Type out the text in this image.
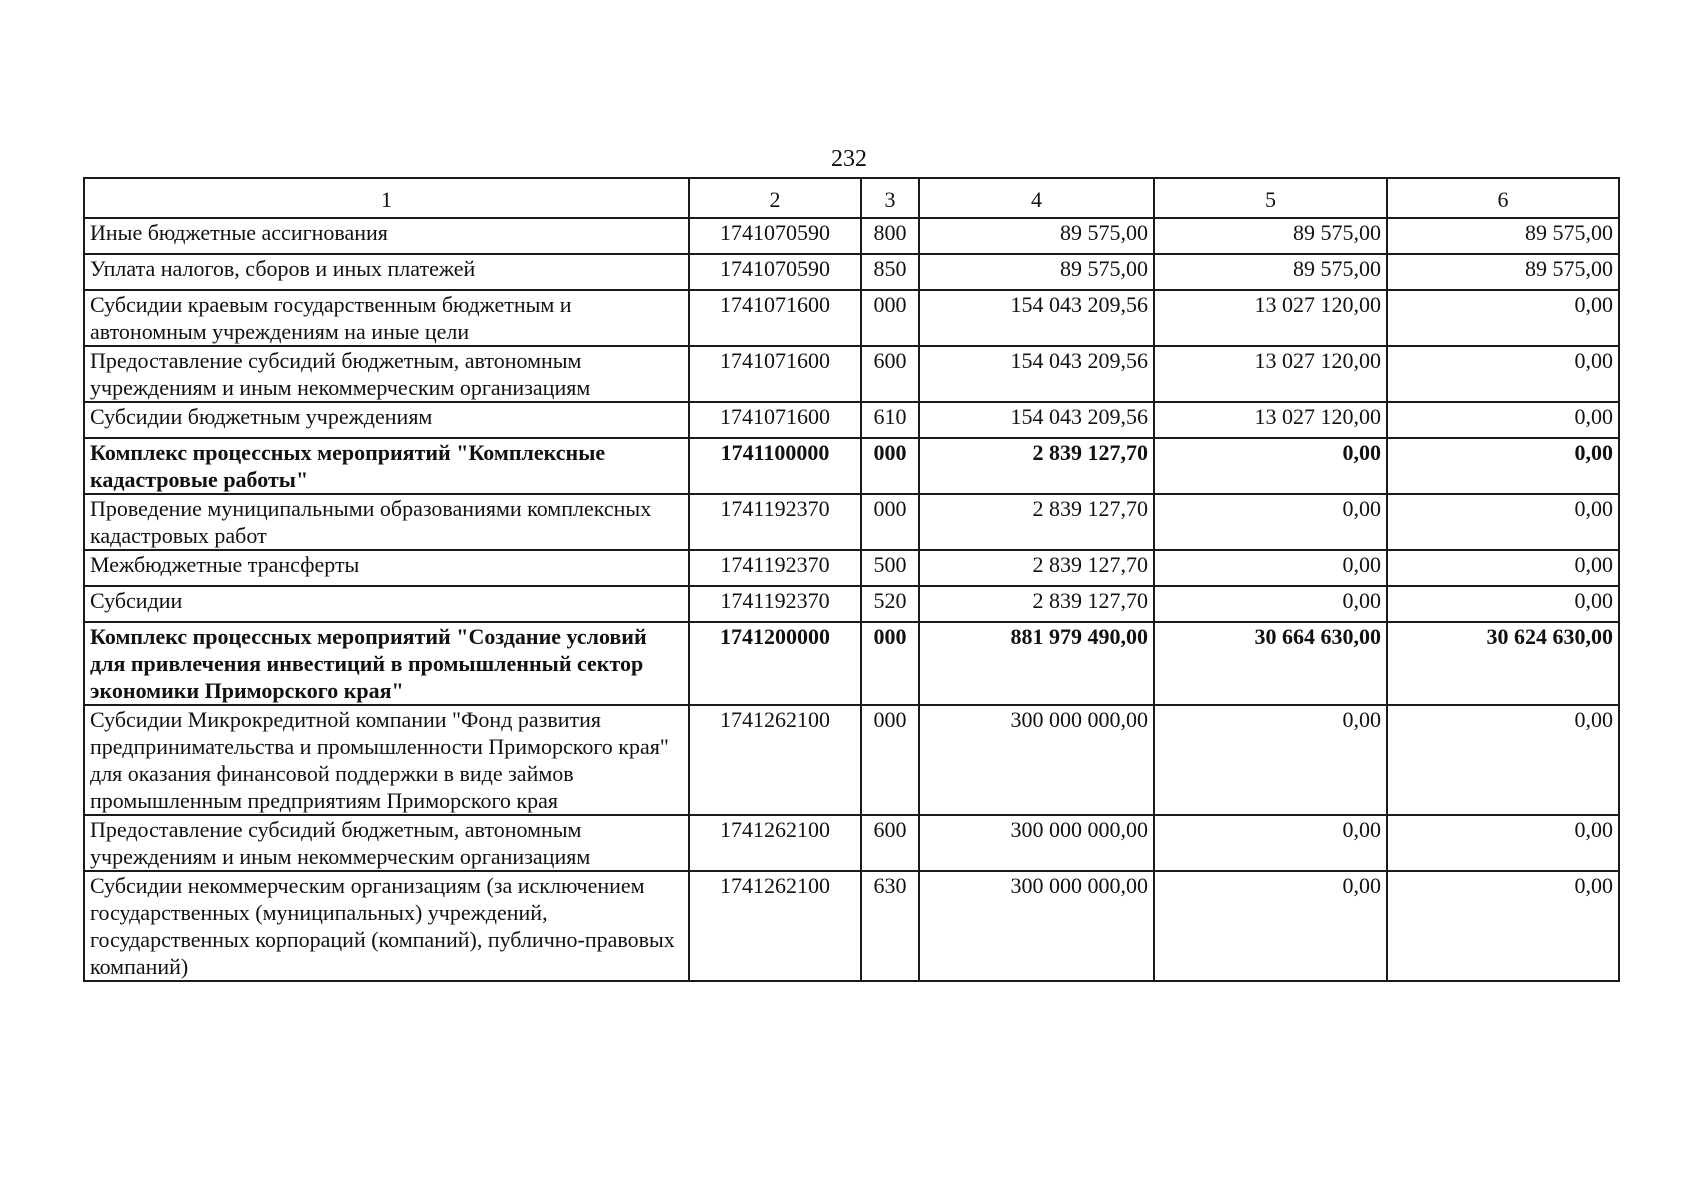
232
1	2	3	4	5	6
Иные бюджетные ассигнования	1741070590	800	89 575,00	89 575,00	89 575,00
Уплата налогов, сборов и иных платежей	1741070590	850	89 575,00	89 575,00	89 575,00
Субсидии краевым государственным бюджетным и автономным учреждениям на иные цели	1741071600	000	154 043 209,56	13 027 120,00	0,00
Предоставление субсидий бюджетным, автономным учреждениям и иным некоммерческим организациям	1741071600	600	154 043 209,56	13 027 120,00	0,00
Субсидии бюджетным учреждениям	1741071600	610	154 043 209,56	13 027 120,00	0,00
Комплекс процессных мероприятий "Комплексные кадастровые работы"	1741100000	000	2 839 127,70	0,00	0,00
Проведение муниципальными образованиями комплексных кадастровых работ	1741192370	000	2 839 127,70	0,00	0,00
Межбюджетные трансферты	1741192370	500	2 839 127,70	0,00	0,00
Субсидии	1741192370	520	2 839 127,70	0,00	0,00
Комплекс процессных мероприятий "Создание условий для привлечения инвестиций в промышленный сектор экономики Приморского края"	1741200000	000	881 979 490,00	30 664 630,00	30 624 630,00
Субсидии Микрокредитной компании "Фонд развития предпринимательства и промышленности Приморского края" для оказания финансовой поддержки в виде займов промышленным предприятиям Приморского края	1741262100	000	300 000 000,00	0,00	0,00
Предоставление субсидий бюджетным, автономным учреждениям и иным некоммерческим организациям	1741262100	600	300 000 000,00	0,00	0,00
Субсидии некоммерческим организациям (за исключением государственных (муниципальных) учреждений, государственных корпораций (компаний), публично-правовых компаний)	1741262100	630	300 000 000,00	0,00	0,00
